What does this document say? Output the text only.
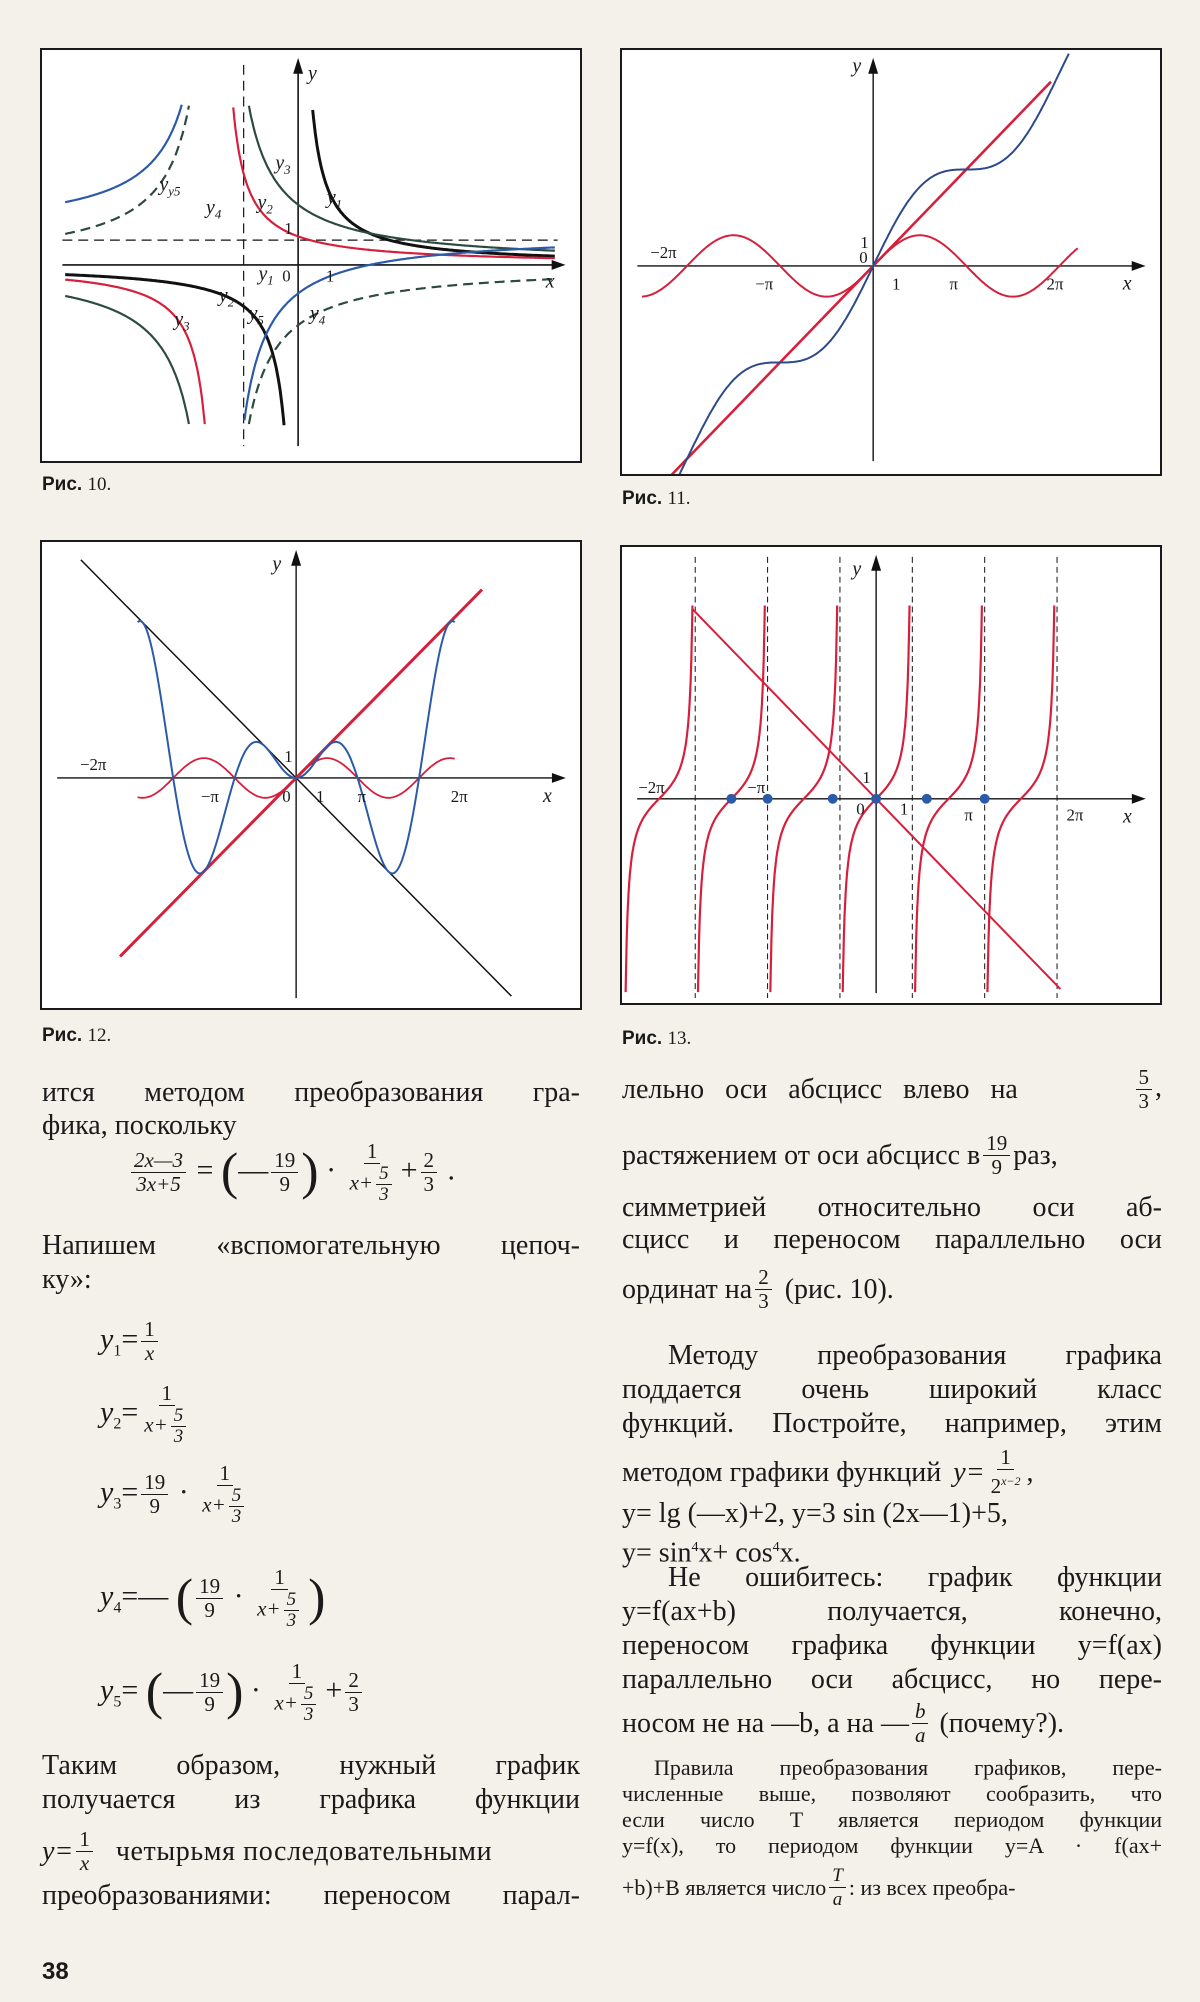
x
y
0 1
1
$y_{y5}$
$y_4$
$y_3$
$y_2$
$y_1$
$y_1$
$y_2$
$y_3$
$y_5$ $y_4$
Рис. 10.
x
y
0
1
1
−2π
−π	π	2π
Рис. 11.
x
y
0 1
1
−2π
−π	π	2π
Рис. 12.
x
y
0 1
1
−2π	−π
π	2π
Рис. 13.
ится методом преобразования гра-
фика, поскольку
$\frac{2x—3}{3x+5}$ = (— $\frac{19}{9}$ ) · $\frac{1}{x+ \frac{5}{3}} + \frac{2}{3}$ .
Напишем «вспомогательную цепоч-
ку»:
$y_1= \frac{1}{x}$
$y_2= \frac{1}{x+ \frac{5}{3}}$
$y_3= \frac{19}{9} \cdot \frac{1}{x+ \frac{5}{3}}$
$y_4=—$ ( $\frac{19}{9} \cdot \frac{1}{x+ \frac{5}{3}}$ )
$y_5=$ (— $\frac{19}{9}$ ) · $\frac{1}{x+ \frac{5}{3}} + \frac{2}{3}$
Таким образом, нужный график
получается из графика функции
$y= \frac{1}{x}$ четырьмя последовательными
преобразованиями: переносом парал-
38
лельно оси абсцисс влево на	$\frac{5}{3}$ ,
растяжением от оси абсцисс в $\frac{19}{9}$ раз,
симметрией относительно оси аб-
сцисс и переносом параллельно оси
ординат на $\frac{2}{3} (рис$. 10).
Методу преобразования графика
поддается очень широкий класс
функций. Постройте, например, этим
методом графики функций $y= \frac{1}{2^{x-2}}$ ,
y= lg (—x)+2, y=3 sin (2x—1)+5,
$y= \sin^4x+ \cos^4x$.
Не ошибитесь: график функции
y=f(ax+b) получается, конечно,
переносом графика функции y=f(ax)
параллельно оси абсцисс, но пере-
носом не на —b, а на — $\frac{b}{a}$ (почему?).
Правила преобразования графиков, пере-
численные выше, позволяют сообразить, что
если число T является периодом функции
y=f(x), то периодом функции y=A · f(ax+
+b)+B является число $\frac{T}{a}$ : из всех преобра-
